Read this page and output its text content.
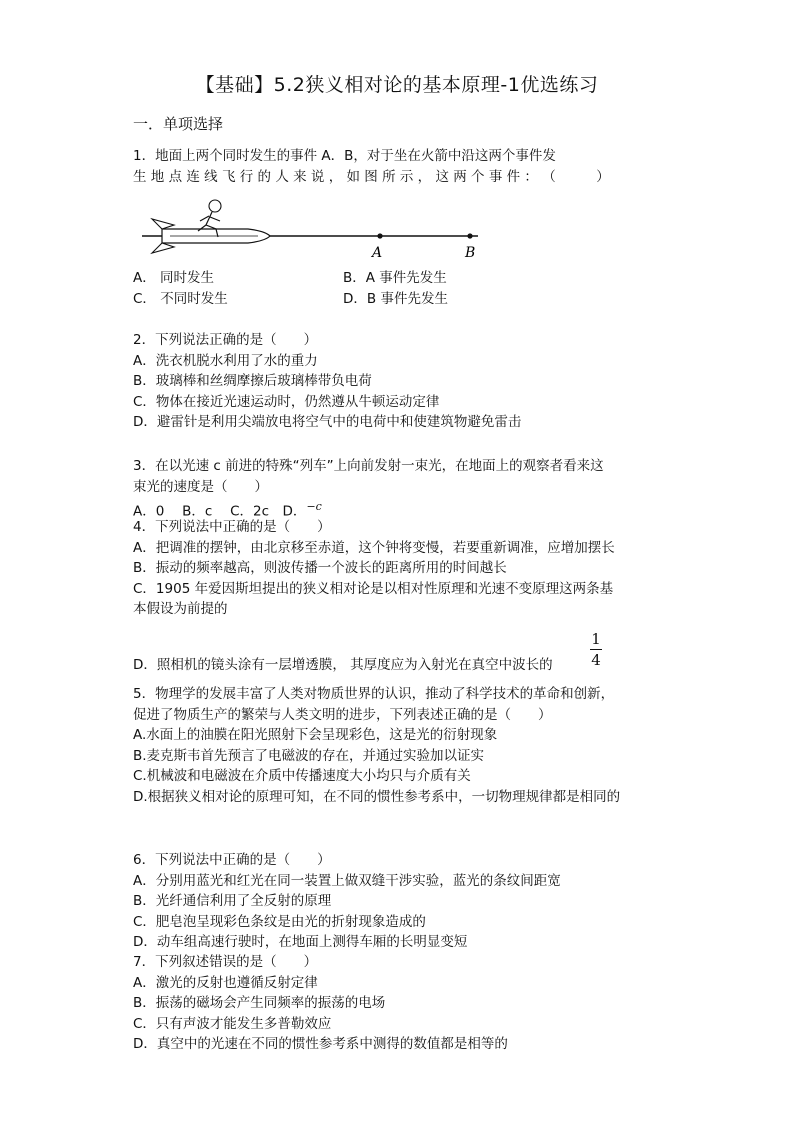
【基础】5.2狭义相对论的基本原理-1优选练习
一．单项选择
1．地面上两个同时发生的事件 A．B，对于坐在火箭中沿这两个事件发
生 地 点 连 线 飞 行 的 人 来 说 ， 如 图 所 示 ， 这 两 个 事 件 ： （　　　）
A	B
A． 同时发生	B．A 事件先发生
C． 不同时发生	D．B 事件先发生
2．下列说法正确的是（　　）
A．洗衣机脱水利用了水的重力
B．玻璃棒和丝绸摩擦后玻璃棒带负电荷
C．物体在接近光速运动时，仍然遵从牛顿运动定律
D．避雷针是利用尖端放电将空气中的电荷中和使建筑物避免雷击
3．在以光速 c 前进的特殊“列车”上向前发射一束光，在地面上的观察者看来这
束光的速度是（　　）
A．0　 B．c　 C．2c　D．$^{-c}$
4．下列说法中正确的是（　　）
A．把调准的摆钟，由北京移至赤道，这个钟将变慢，若要重新调准，应增加摆长
B．振动的频率越高，则波传播一个波长的距离所用的时间越长
C．1905 年爱因斯坦提出的狭义相对论是以相对性原理和光速不变原理这两条基
本假设为前提的
1
4
D．照相机的镜头涂有一层增透膜， 其厚度应为入射光在真空中波长的
5．物理学的发展丰富了人类对物质世界的认识，推动了科学技术的革命和创新，
促进了物质生产的繁荣与人类文明的进步，下列表述正确的是（　　）
A.水面上的油膜在阳光照射下会呈现彩色，这是光的衍射现象
B.麦克斯韦首先预言了电磁波的存在，并通过实验加以证实
C.机械波和电磁波在介质中传播速度大小均只与介质有关
D.根据狭义相对论的原理可知，在不同的惯性参考系中，一切物理规律都是相同的
6．下列说法中正确的是（　　）
A．分别用蓝光和红光在同一装置上做双缝干涉实验，蓝光的条纹间距宽
B．光纤通信利用了全反射的原理
C．肥皂泡呈现彩色条纹是由光的折射现象造成的
D．动车组高速行驶时，在地面上测得车厢的长明显变短
7．下列叙述错误的是（　　）
A．激光的反射也遵循反射定律
B．振荡的磁场会产生同频率的振荡的电场
C．只有声波才能发生多普勒效应
D．真空中的光速在不同的惯性参考系中测得的数值都是相等的
